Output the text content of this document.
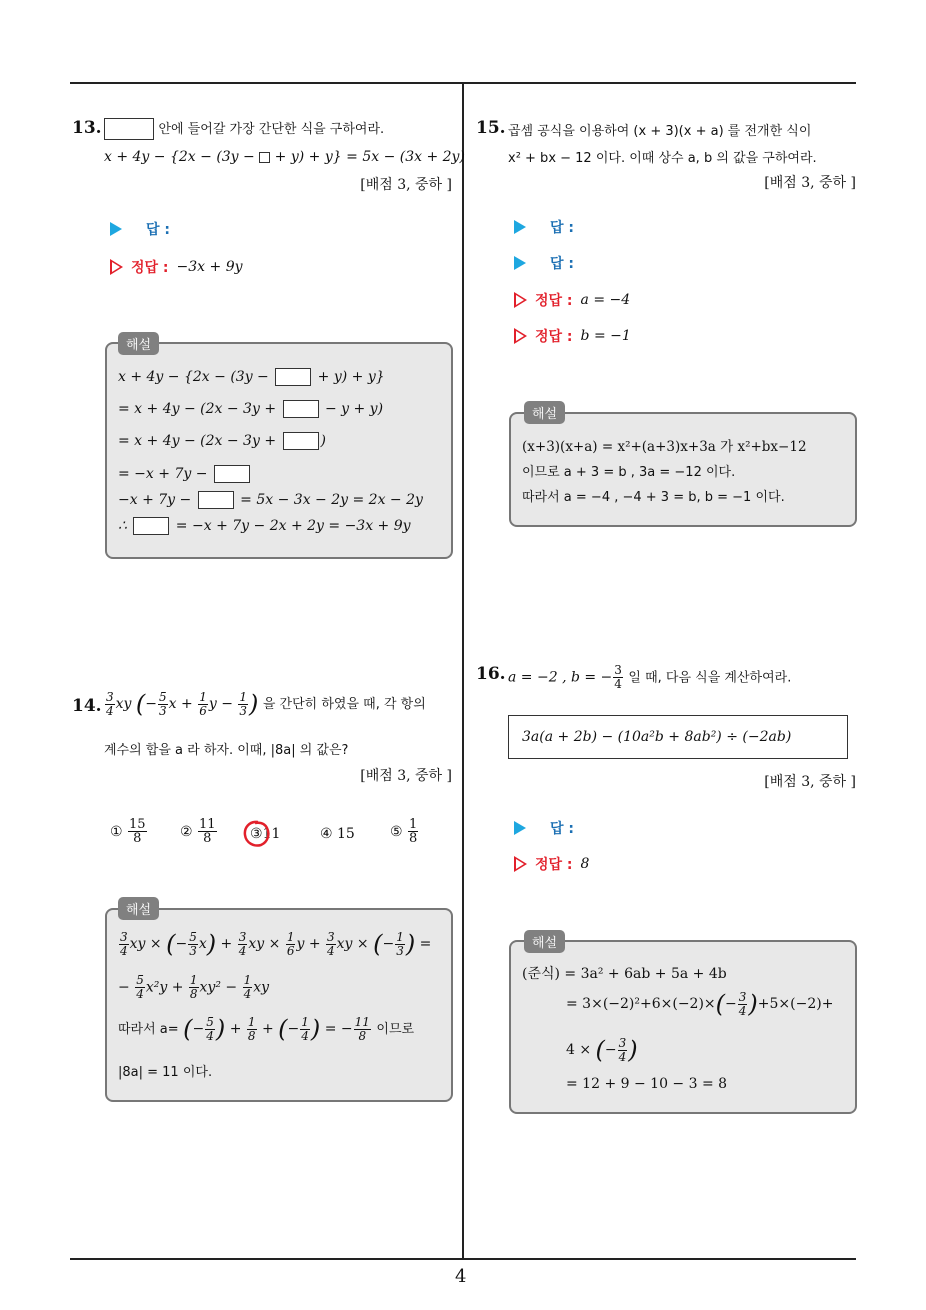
4
13.	안에 들어갈 가장 간단한 식을 구하여라.
x + 4y − {2x − (3y −  + y) + y} = 5x − (3x + 2y)
[배점 3, 중하 ]
답 :
정답 : −3x + 9y
해설
x + 4y − {2x − (3y −	+ y) + y}
= x + 4y − (2x − 3y +	− y + y)
= x + 4y − (2x − 3y +	)
= −x + 7y −
−x + 7y −	= 5x − 3x − 2y = 2x − 2y
∴	= −x + 7y − 2x + 2y = −3x + 9y
14. $\frac{3}{4}$ xy (− $\frac{5}{3}$ $x + \frac{1}{6}$ $y - \frac{1}{3}$ ) 을 간단히 하였을 때, 각 항의
계수의 합을 a 라 하자. 이때, |8a| 의 값은?
[배점 3, 중하 ]
①
$\frac{15}{8}$ ②
$\frac{11}{8}$ ③ 11	④
15	⑤
$\frac{1}{8}$
해설
$\frac{3}{4}$ xy × (− $\frac{5}{3} x) + \frac{3}{4}$ xy × $\frac{1}{6}$ $y + \frac{3}{4}$ xy × (− $\frac{1}{3}$ ) =
− $\frac{5}{4} x^2y + \frac{1}{8} xy^2 - \frac{1}{4}$ xy
따라서 a= (− $\frac{5}{4}$ ) + $\frac{1}{8}$ + (− $\frac{1}{4}$ ) = − $\frac{11}{8}$ 이므로
|8a| = 11 이다.
15. 곱셈 공식을 이용하여 (x + 3)(x + a) 를 전개한 식이
x² + bx − 12 이다. 이때 상수 a, b 의 값을 구하여라.
[배점 3, 중하 ]
답 :
답 :
정답 : a = −4
정답 : b = −1
해설
(x+3)(x+a) = x²+(a+3)x+3a 가 x²+bx−12
이므로 a + 3 = b , 3a = −12 이다.
따라서 a = −4 , −4 + 3 = b, b = −1 이다.
16. a = −2 , b = − $\frac{3}{4}$ 일 때, 다음 식을 계산하여라.
3a(a + 2b) − (10a²b + 8ab²) ÷ (−2ab)
[배점 3, 중하 ]
답 :
정답 : 8
해설
(준식) = 3a² + 6ab + 5a + 4b
= $3\times(-2)^2+6\times(-2)\times(- \frac{3}{4} )+5\times(-2)+$
4 × (− $\frac{3}{4}$ )
= 12 + 9 − 10 − 3 = 8
